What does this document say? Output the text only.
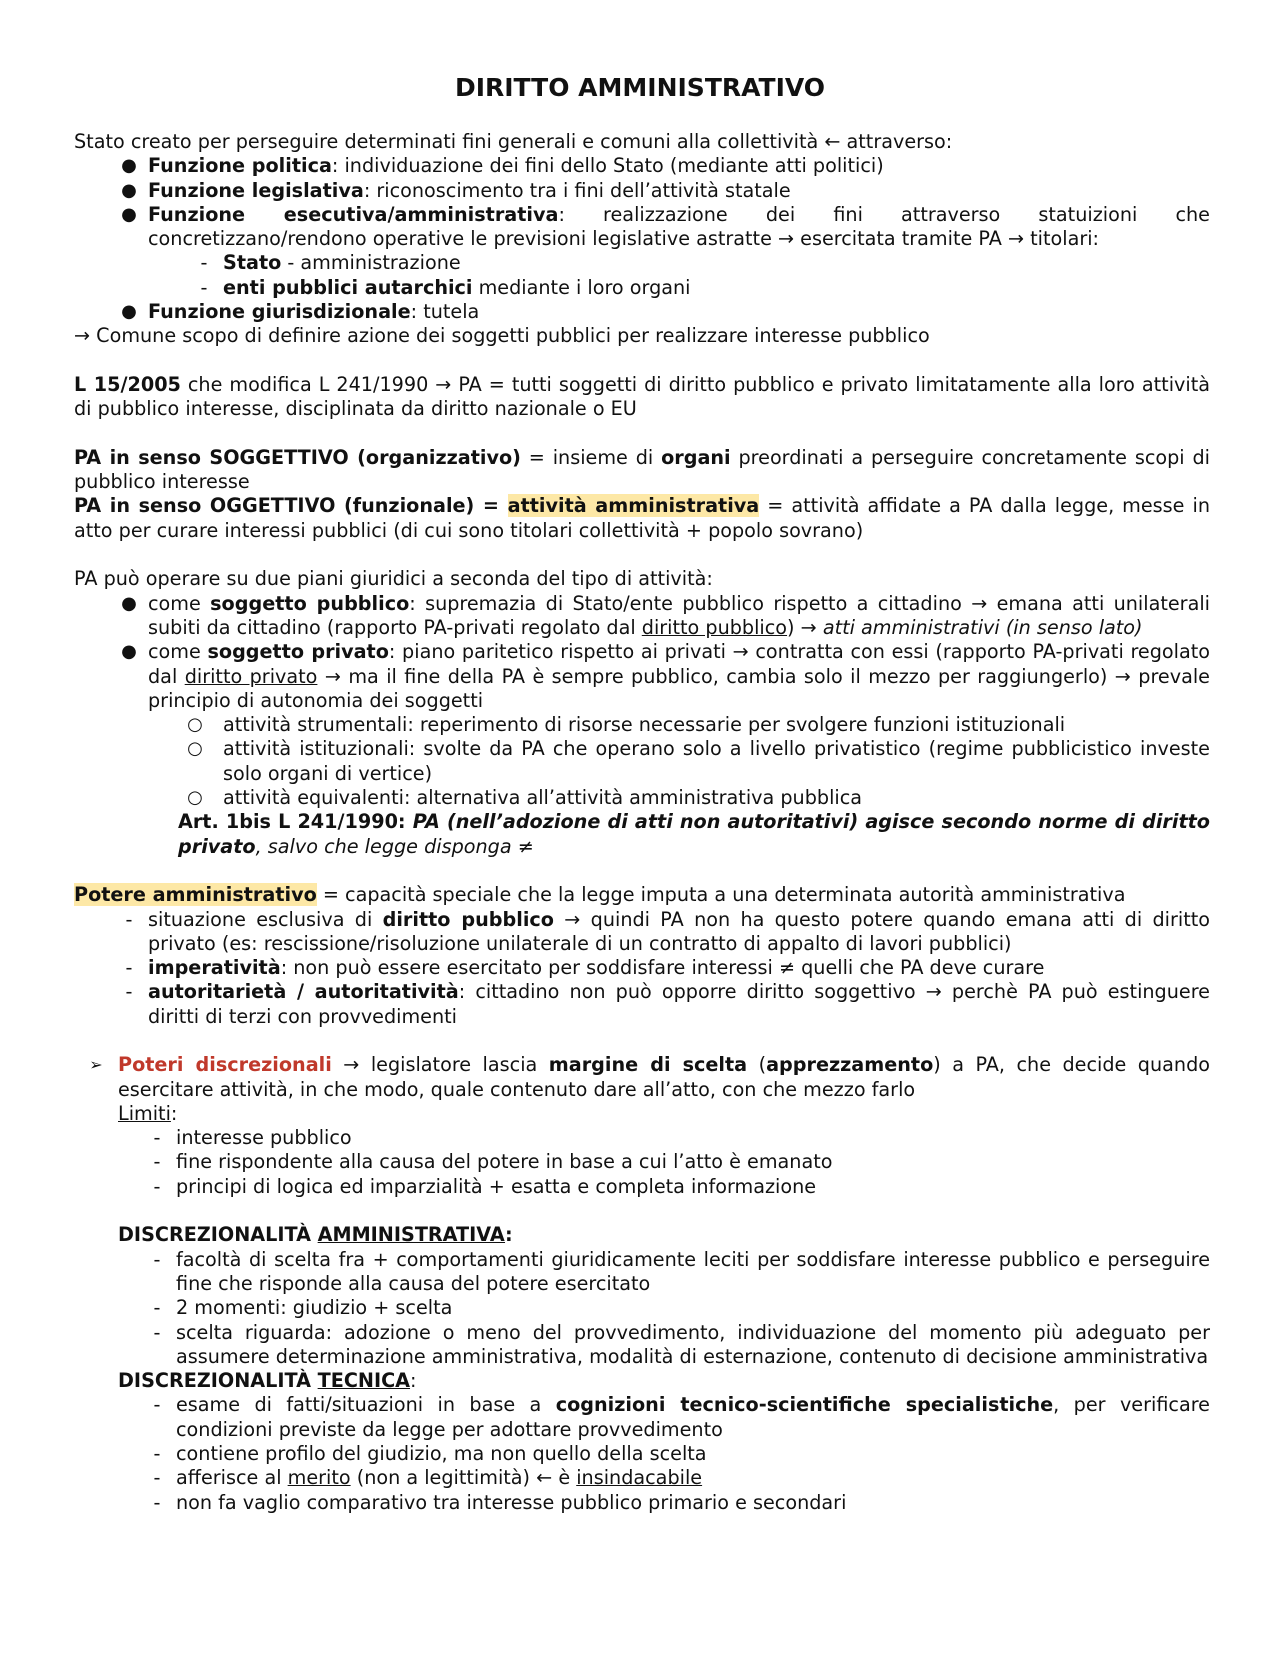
DIRITTO AMMINISTRATIVO

Stato creato per perseguire determinati fini generali e comuni alla collettività ← attraverso:

● Funzione politica: individuazione dei fini dello Stato (mediante atti politici)
● Funzione legislativa: riconoscimento tra i fini dell’attività statale
● Funzione esecutiva/amministrativa: realizzazione dei fini attraverso statuizioni che concretizzano/rendono operative le previsioni legislative astratte → esercitata tramite PA → titolari:
- Stato - amministrazione
- enti pubblici autarchici mediante i loro organi
● Funzione giurisdizionale: tutela

→ Comune scopo di definire azione dei soggetti pubblici per realizzare interesse pubblico

L 15/2005 che modifica L 241/1990 → PA = tutti soggetti di diritto pubblico e privato limitatamente alla loro attività di pubblico interesse, disciplinata da diritto nazionale o EU

PA in senso SOGGETTIVO (organizzativo) = insieme di organi preordinati a perseguire concretamente scopi di pubblico interesse

PA in senso OGGETTIVO (funzionale) = attività amministrativa = attività affidate a PA dalla legge, messe in atto per curare interessi pubblici (di cui sono titolari collettività + popolo sovrano)

PA può operare su due piani giuridici a seconda del tipo di attività:

● come soggetto pubblico: supremazia di Stato/ente pubblico rispetto a cittadino → emana atti unilaterali subiti da cittadino (rapporto PA-privati regolato dal diritto pubblico) → atti amministrativi (in senso lato)
● come soggetto privato: piano paritetico rispetto ai privati → contratta con essi (rapporto PA-privati regolato dal diritto privato → ma il fine della PA è sempre pubblico, cambia solo il mezzo per raggiungerlo) → prevale principio di autonomia dei soggetti
○	attività strumentali: reperimento di risorse necessarie per svolgere funzioni istituzionali
○	attività istituzionali: svolte da PA che operano solo a livello privatistico (regime pubblicistico investe solo organi di vertice)
○	attività equivalenti: alternativa all’attività amministrativa pubblica

Art. 1bis L 241/1990: PA (nell’adozione di atti non autoritativi) agisce secondo norme di diritto privato, salvo che legge disponga ≠

Potere amministrativo = capacità speciale che la legge imputa a una determinata autorità amministrativa

- situazione esclusiva di diritto pubblico → quindi PA non ha questo potere quando emana atti di diritto privato (es: rescissione/risoluzione unilaterale di un contratto di appalto di lavori pubblici)
- imperatività: non può essere esercitato per soddisfare interessi ≠ quelli che PA deve curare
- autoritarietà / autoritatività: cittadino non può opporre diritto soggettivo → perchè PA può estinguere diritti di terzi con provvedimenti
➢ Poteri discrezionali → legislatore lascia margine di scelta (apprezzamento) a PA, che decide quando esercitare attività, in che modo, quale contenuto dare all’atto, con che mezzo farlo

Limiti:

- interesse pubblico
- fine rispondente alla causa del potere in base a cui l’atto è emanato
- principi di logica ed imparzialità + esatta e completa informazione

DISCREZIONALITÀ AMMINISTRATIVA:

- facoltà di scelta fra + comportamenti giuridicamente leciti per soddisfare interesse pubblico e perseguire fine che risponde alla causa del potere esercitato
- 2 momenti: giudizio + scelta
- scelta riguarda: adozione o meno del provvedimento, individuazione del momento più adeguato per assumere determinazione amministrativa, modalità di esternazione, contenuto di decisione amministrativa

DISCREZIONALITÀ TECNICA:

- esame di fatti/situazioni in base a cognizioni tecnico-scientifiche specialistiche, per verificare condizioni previste da legge per adottare provvedimento
- contiene profilo del giudizio, ma non quello della scelta
- afferisce al merito (non a legittimità) ← è insindacabile
- non fa vaglio comparativo tra interesse pubblico primario e secondari
